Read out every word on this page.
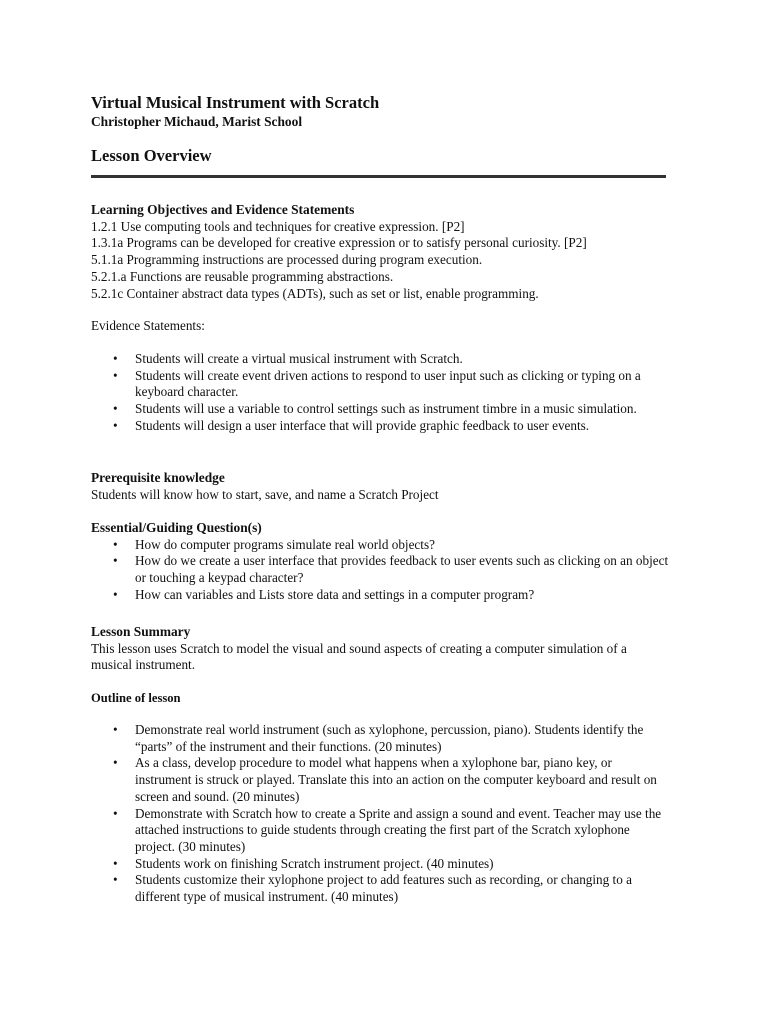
Virtual Musical Instrument with Scratch
Christopher Michaud, Marist School
Lesson Overview
Learning Objectives and Evidence Statements
1.2.1 Use computing tools and techniques for creative expression. [P2]
1.3.1a Programs can be developed for creative expression or to satisfy personal curiosity. [P2]
5.1.1a Programming instructions are processed during program execution.
5.2.1.a Functions are reusable programming abstractions.
5.2.1c Container abstract data types (ADTs), such as set or list, enable programming.
Evidence Statements:
• Students will create a virtual musical instrument with Scratch.
• Students will create event driven actions to respond to user input such as clicking or typing on a keyboard character.
• Students will use a variable to control settings such as instrument timbre in a music simulation.
• Students will design a user interface that will provide graphic feedback to user events.
Prerequisite knowledge
Students will know how to start, save, and name a Scratch Project
Essential/Guiding Question(s)
• How do computer programs simulate real world objects?
• How do we create a user interface that provides feedback to user events such as clicking on an object or touching a keypad character?
• How can variables and Lists store data and settings in a computer program?
Lesson Summary
This lesson uses Scratch to model the visual and sound aspects of creating a computer simulation of a musical instrument.
Outline of lesson
• Demonstrate real world instrument (such as xylophone, percussion, piano). Students identify the “parts” of the instrument and their functions. (20 minutes)
• As a class, develop procedure to model what happens when a xylophone bar, piano key, or instrument is struck or played. Translate this into an action on the computer keyboard and result on screen and sound. (20 minutes)
• Demonstrate with Scratch how to create a Sprite and assign a sound and event. Teacher may use the attached instructions to guide students through creating the first part of the Scratch xylophone project. (30 minutes)
• Students work on finishing Scratch instrument project. (40 minutes)
• Students customize their xylophone project to add features such as recording, or changing to a different type of musical instrument. (40 minutes)
